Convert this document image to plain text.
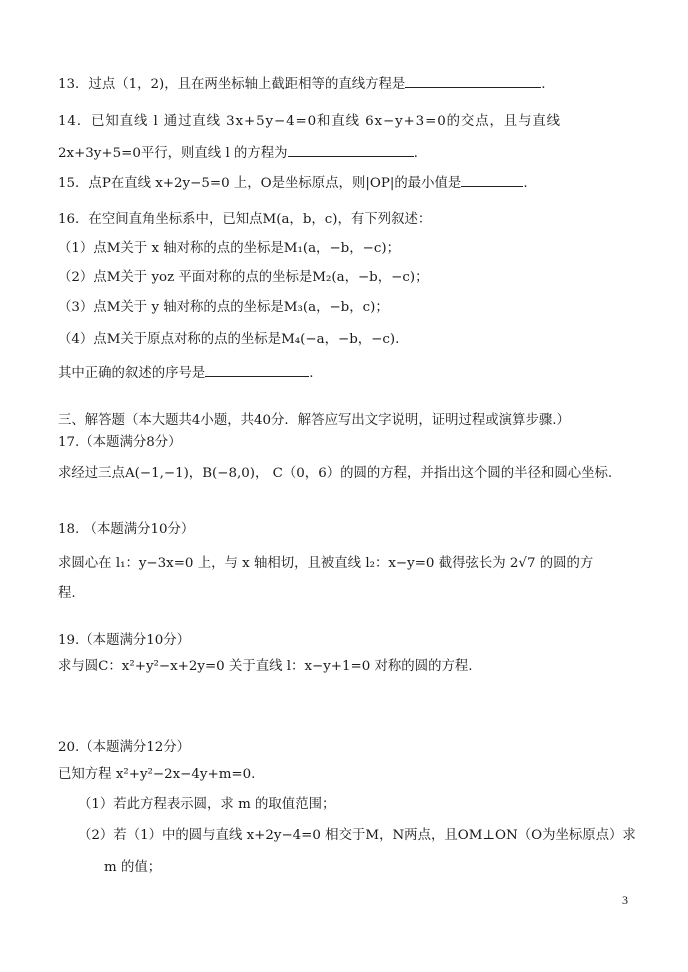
13．过点（1，2)，且在两坐标轴上截距相等的直线方程是	.
14．已知直线 l 通过直线 3x+5y−4=0和直线 6x−y+3=0的交点，且与直线
2x+3y+5=0平行，则直线 l 的方程为	.
15．点P在直线 x+2y−5=0 上，O是坐标原点，则|OP|的最小值是	.
16．在空间直角坐标系中，已知点M(a，b，c)，有下列叙述：
（1）点M关于 x 轴对称的点的坐标是M₁(a，−b，−c)；
（2）点M关于 yoz 平面对称的点的坐标是M₂(a，−b，−c)；
（3）点M关于 y 轴对称的点的坐标是M₃(a，−b，c)；
（4）点M关于原点对称的点的坐标是M₄(−a，−b，−c).
其中正确的叙述的序号是	.
三、解答题（本大题共4小题，共40分．解答应写出文字说明，证明过程或演算步骤.）
17.（本题满分8分）
求经过三点A(−1,−1)，B(−8,0)， C（0，6）的圆的方程，并指出这个圆的半径和圆心坐标.
18. （本题满分10分）
求圆心在 l₁：y−3x=0 上，与 x 轴相切，且被直线 l₂：x−y=0 截得弦长为 2√7 的圆的方
程.
19.（本题满分10分）
求与圆C：x²+y²−x+2y=0 关于直线 l：x−y+1=0 对称的圆的方程.
20.（本题满分12分）
已知方程 x²+y²−2x−4y+m=0.
（1）若此方程表示圆，求 m 的取值范围；
（2）若（1）中的圆与直线 x+2y−4=0 相交于M，N两点，且OM⊥ON（O为坐标原点）求
m 的值；
3
